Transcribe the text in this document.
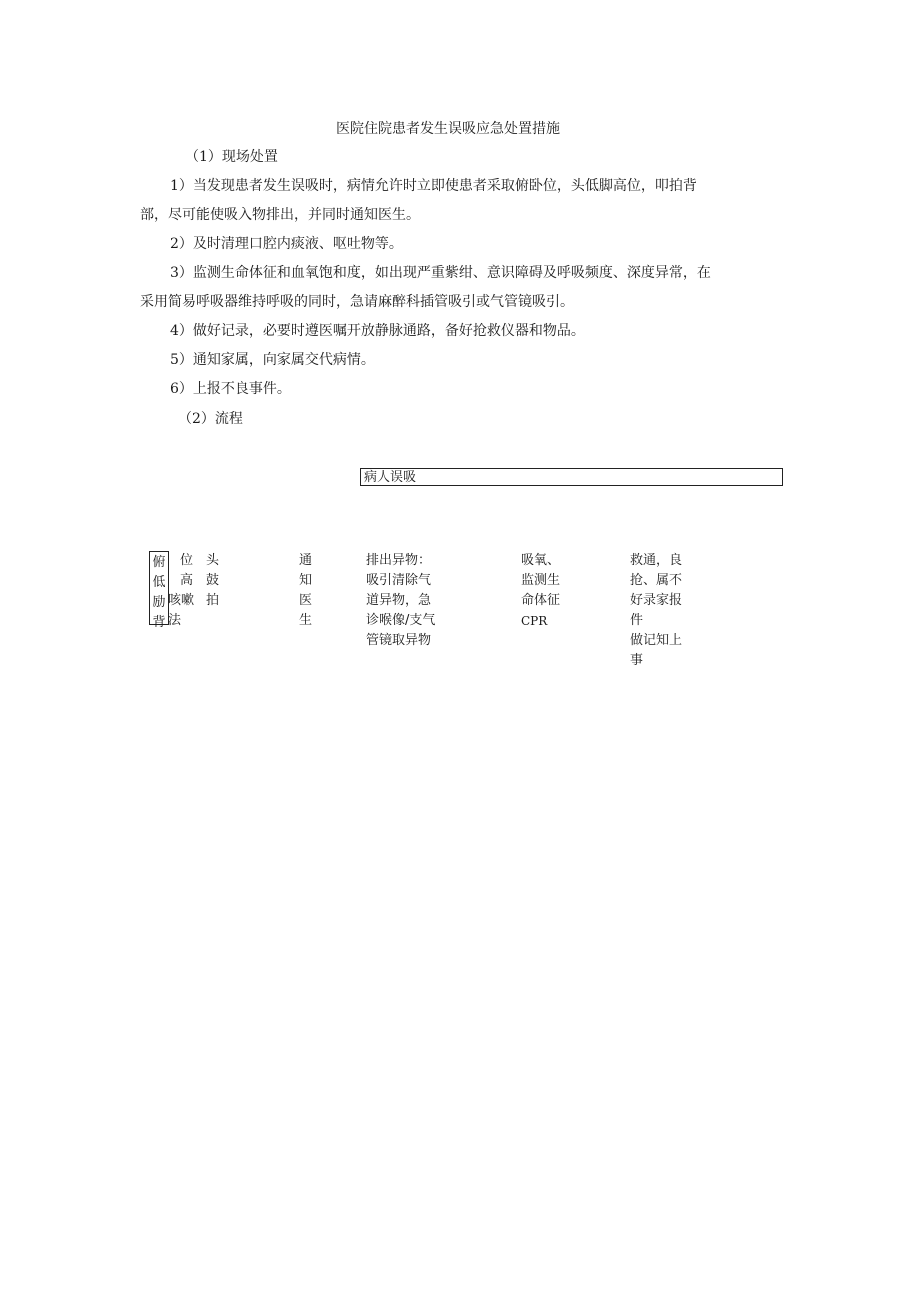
医院住院患者发生误吸应急处置措施
（1）现场处置
1）当发现患者发生误吸时，病情允许时立即使患者采取俯卧位，头低脚高位，叩拍背
部，尽可能使吸入物排出，并同时通知医生。
2）及时清理口腔内痰液、呕吐物等。
3）监测生命体征和血氧饱和度，如出现严重紫绀、意识障碍及呼吸频度、深度异常，在
采用简易呼吸器维持呼吸的同时，急请麻醉科插管吸引或气管镜吸引。
4）做好记录，必要时遵医嘱开放静脉通路，备好抢救仪器和物品。
5）通知家属，向家属交代病情。
6）上报不良事件。
（2）流程
病人误吸
俯
低
励
背
位
高
咳嗽
法
头
鼓
拍
通
知
医
生
排出异物：
吸引清除气
道异物，急
诊喉像/支气
管镜取异物
吸氧、
监测生
命体征
CPR
救通，良
抢、属不
好录家报
件
做记知上
事
